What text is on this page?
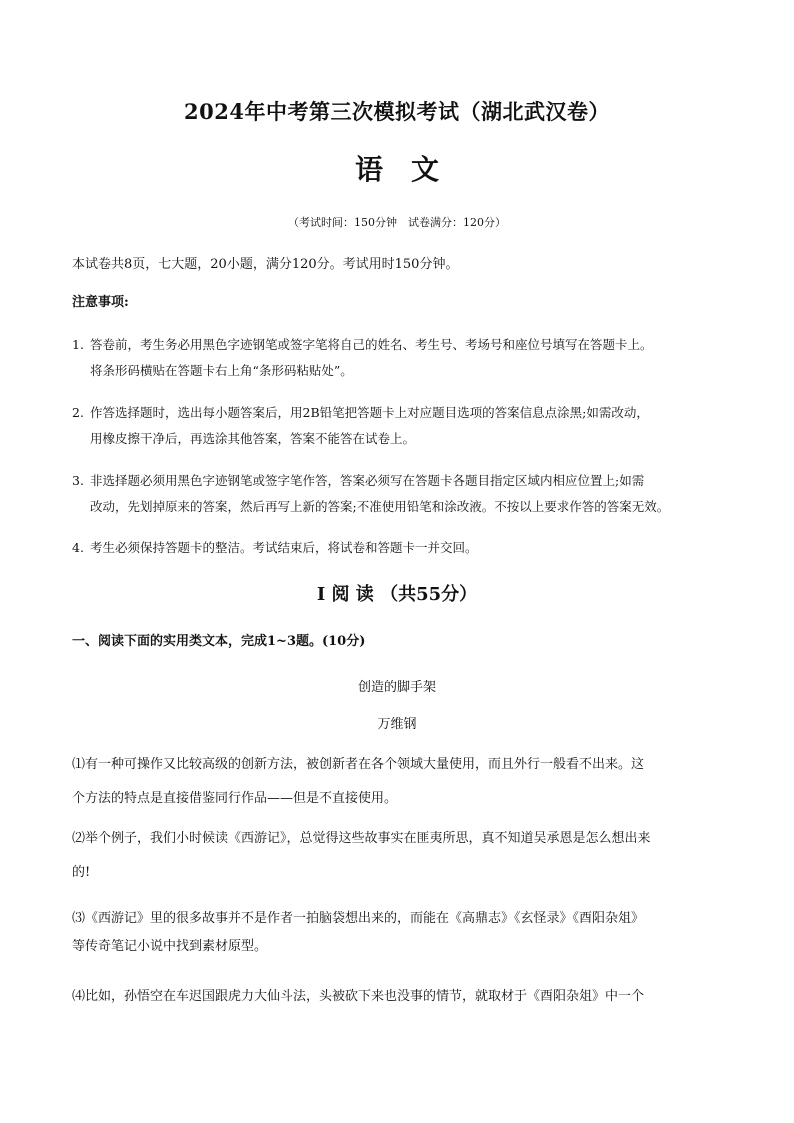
2024年中考第三次模拟考试（湖北武汉卷）
语文
（考试时间：150分钟　试卷满分：120分）
本试卷共8页，七大题，20小题，满分120分。考试用时150分钟。
注意事项:
1. 答卷前，考生务必用黑色字迹钢笔或签字笔将自己的姓名、考生号、考场号和座位号填写在答题卡上。
将条形码横贴在答题卡右上角“条形码粘贴处”。
2. 作答选择题时，选出每小题答案后，用2B铅笔把答题卡上对应题目选项的答案信息点涂黑;如需改动，
用橡皮擦干净后，再选涂其他答案，答案不能答在试卷上。
3. 非选择题必须用黑色字迹钢笔或签字笔作答，答案必须写在答题卡各题目指定区域内相应位置上;如需
改动，先划掉原来的答案，然后再写上新的答案;不准使用铅笔和涂改液。不按以上要求作答的答案无效。
4. 考生必须保持答题卡的整洁。考试结束后，将试卷和答题卡一并交回。
I 阅 读 （共55分）
一、阅读下面的实用类文本，完成1~3题。(10分)
创造的脚手架
万维钢
⑴有一种可操作又比较高级的创新方法，被创新者在各个领域大量使用，而且外行一般看不出来。这
个方法的特点是直接借鉴同行作品——但是不直接使用。
⑵举个例子，我们小时候读《西游记》，总觉得这些故事实在匪夷所思，真不知道吴承恩是怎么想出来
的!
⑶《西游记》里的很多故事并不是作者一拍脑袋想出来的，而能在《高鼎志》《玄怪录》《酉阳杂俎》
等传奇笔记小说中找到素材原型。
⑷比如，孙悟空在车迟国跟虎力大仙斗法，头被砍下来也没事的情节，就取材于《酉阳杂俎》中一个
